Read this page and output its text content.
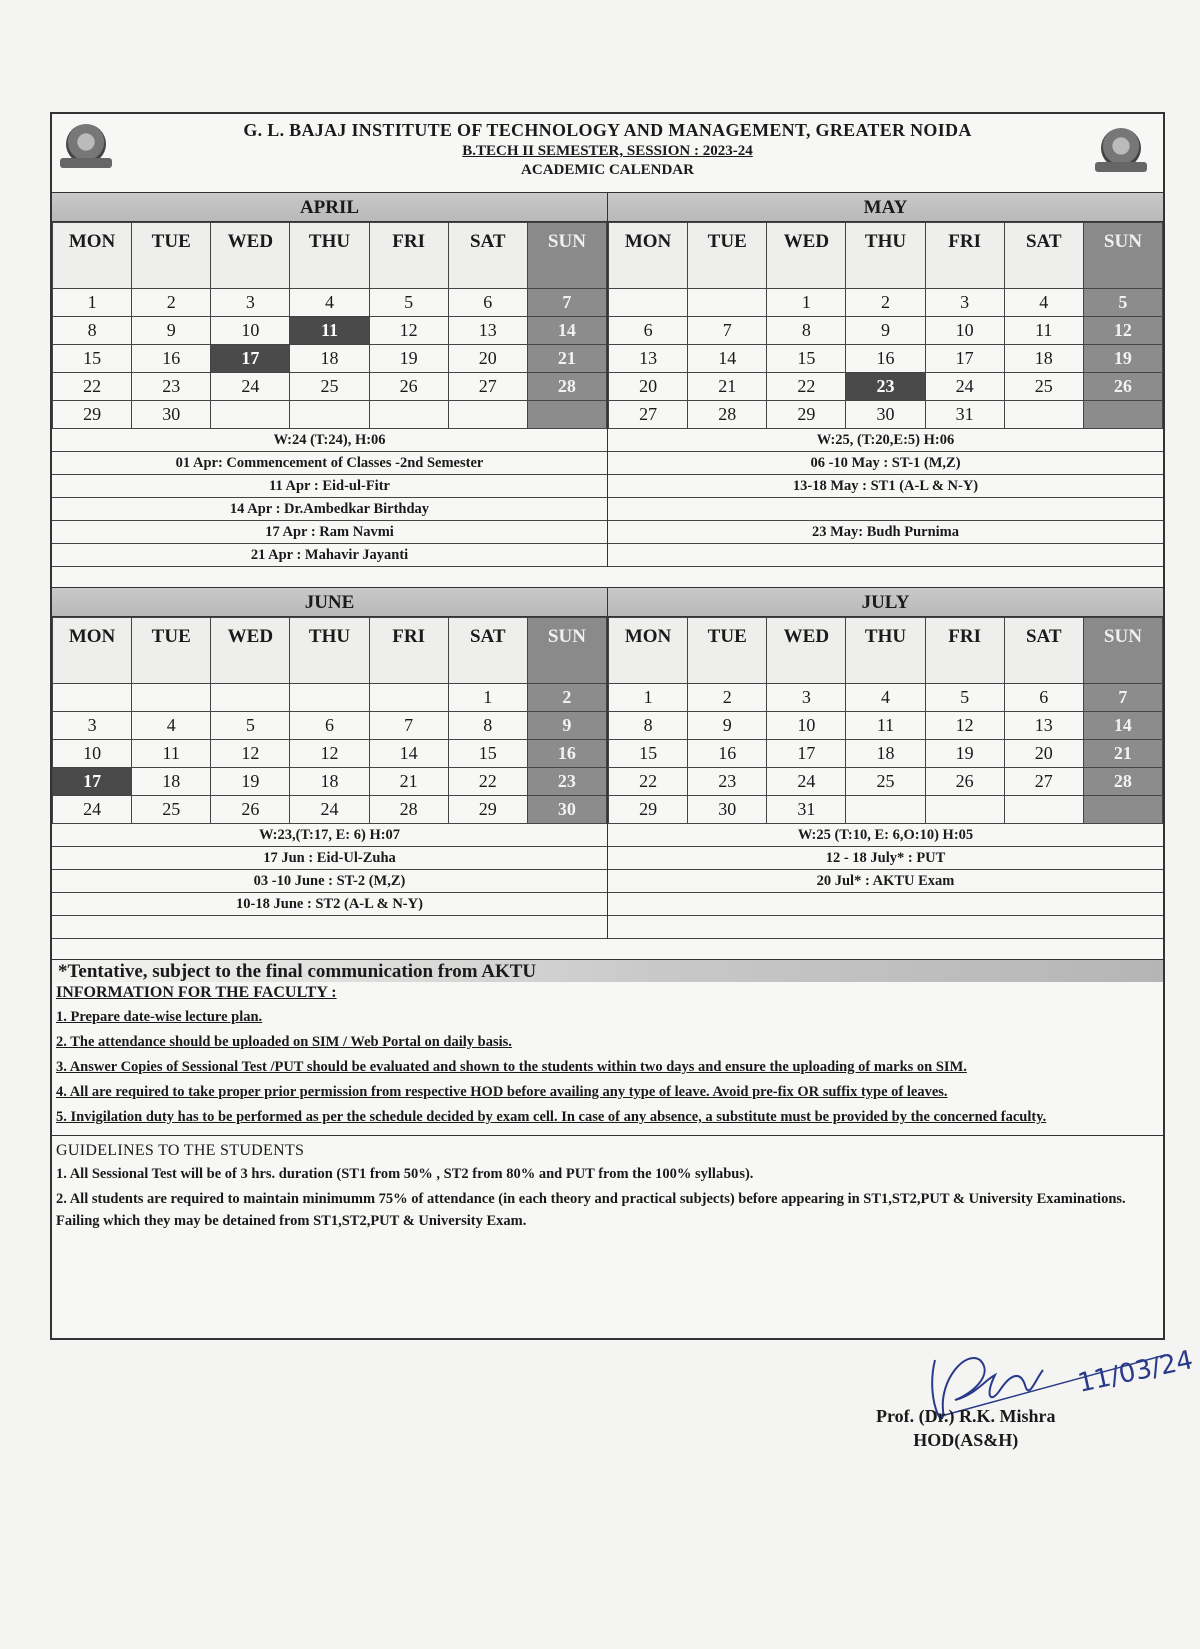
G. L. BAJAJ INSTITUTE OF TECHNOLOGY AND MANAGEMENT, GREATER NOIDA
B.TECH II SEMESTER, SESSION : 2023-24
ACADEMIC CALENDAR
APRIL
MON	TUE	WED	THU	FRI	SAT	SUN
1	2	3	4	5	6	7
8	9	10	11	12	13	14
15	16	17	18	19	20	21
22	23	24	25	26	27	28
29	30					
W:24 (T:24), H:06
01 Apr: Commencement of Classes -2nd Semester
11 Apr : Eid-ul-Fitr
14 Apr : Dr.Ambedkar Birthday
17 Apr : Ram Navmi
21 Apr : Mahavir Jayanti
MAY
MON	TUE	WED	THU	FRI	SAT	SUN
		1	2	3	4	5
6	7	8	9	10	11	12
13	14	15	16	17	18	19
20	21	22	23	24	25	26
27	28	29	30	31		
W:25, (T:20,E:5) H:06
06 -10 May : ST-1 (M,Z)
13-18 May : ST1 (A-L & N-Y)
23 May: Budh Purnima
JUNE
MON	TUE	WED	THU	FRI	SAT	SUN
					1	2
3	4	5	6	7	8	9
10	11	12	12	14	15	16
17	18	19	18	21	22	23
24	25	26	24	28	29	30
W:23,(T:17, E: 6) H:07
17 Jun : Eid-Ul-Zuha
03 -10 June : ST-2 (M,Z)
10-18 June : ST2 (A-L & N-Y)
JULY
MON	TUE	WED	THU	FRI	SAT	SUN
1	2	3	4	5	6	7
8	9	10	11	12	13	14
15	16	17	18	19	20	21
22	23	24	25	26	27	28
29	30	31				
W:25 (T:10, E: 6,O:10) H:05
12 - 18 July* : PUT
20 Jul* : AKTU Exam
*Tentative, subject to the final communication from AKTU
INFORMATION FOR THE FACULTY :
1. Prepare date-wise lecture plan.
2. The attendance should be uploaded on SIM / Web Portal on daily basis.
3. Answer Copies of Sessional Test /PUT should be evaluated and shown to the students within two days and ensure the uploading of marks on SIM.
4. All are required to take proper prior permission from respective HOD before availing any type of leave. Avoid pre-fix OR suffix type of leaves.
5. Invigilation duty has to be performed as per the schedule decided by exam cell. In case of any absence, a substitute must be provided by the concerned faculty.
GUIDELINES TO THE STUDENTS
1. All Sessional Test will be of 3 hrs. duration (ST1 from 50% , ST2 from 80% and PUT from the 100% syllabus).
2. All students are required to maintain minimumm 75% of attendance (in each theory and practical subjects) before appearing in ST1,ST2,PUT & University Examinations. Failing which they may be detained from ST1,ST2,PUT & University Exam.
11/03/24
Prof. (Dr.) R.K. Mishra
HOD(AS&H)
